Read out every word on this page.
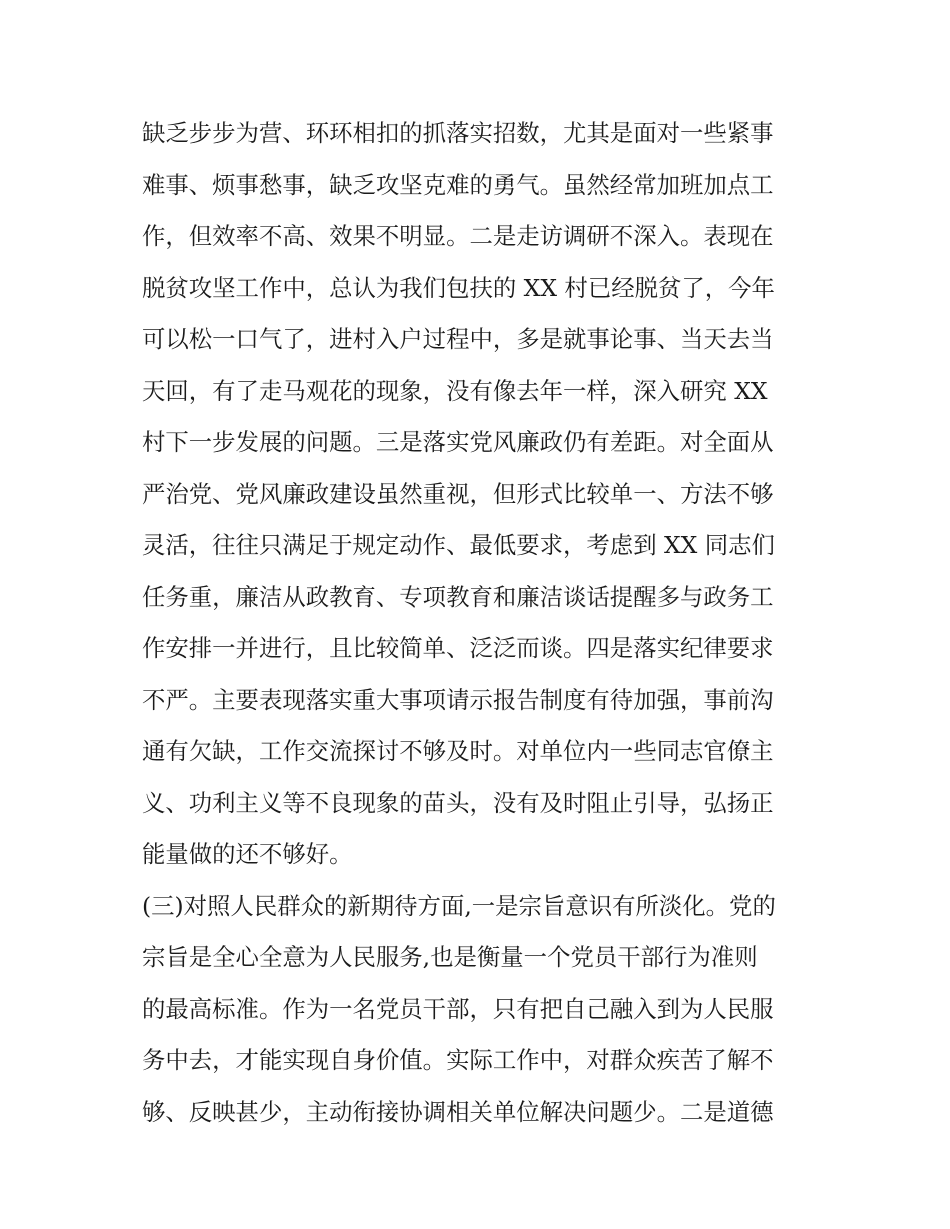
缺乏步步为营、环环相扣的抓落实招数，尤其是面对一些紧事
难事、烦事愁事，缺乏攻坚克难的勇气。虽然经常加班加点工
作，但效率不高、效果不明显。二是走访调研不深入。表现在
脱贫攻坚工作中，总认为我们包扶的 XX 村已经脱贫了，今年
可以松一口气了，进村入户过程中，多是就事论事、当天去当
天回，有了走马观花的现象，没有像去年一样，深入研究 XX
村下一步发展的问题。三是落实党风廉政仍有差距。对全面从
严治党、党风廉政建设虽然重视，但形式比较单一、方法不够
灵活，往往只满足于规定动作、最低要求，考虑到 XX 同志们
任务重，廉洁从政教育、专项教育和廉洁谈话提醒多与政务工
作安排一并进行，且比较简单、泛泛而谈。四是落实纪律要求
不严。主要表现落实重大事项请示报告制度有待加强，事前沟
通有欠缺，工作交流探讨不够及时。对单位内一些同志官僚主
义、功利主义等不良现象的苗头，没有及时阻止引导，弘扬正
能量做的还不够好。
(三)对照人民群众的新期待方面,一是宗旨意识有所淡化。党的
宗旨是全心全意为人民服务,也是衡量一个党员干部行为准则
的最高标准。作为一名党员干部，只有把自己融入到为人民服
务中去，才能实现自身价值。实际工作中，对群众疾苦了解不
够、反映甚少，主动衔接协调相关单位解决问题少。二是道德
